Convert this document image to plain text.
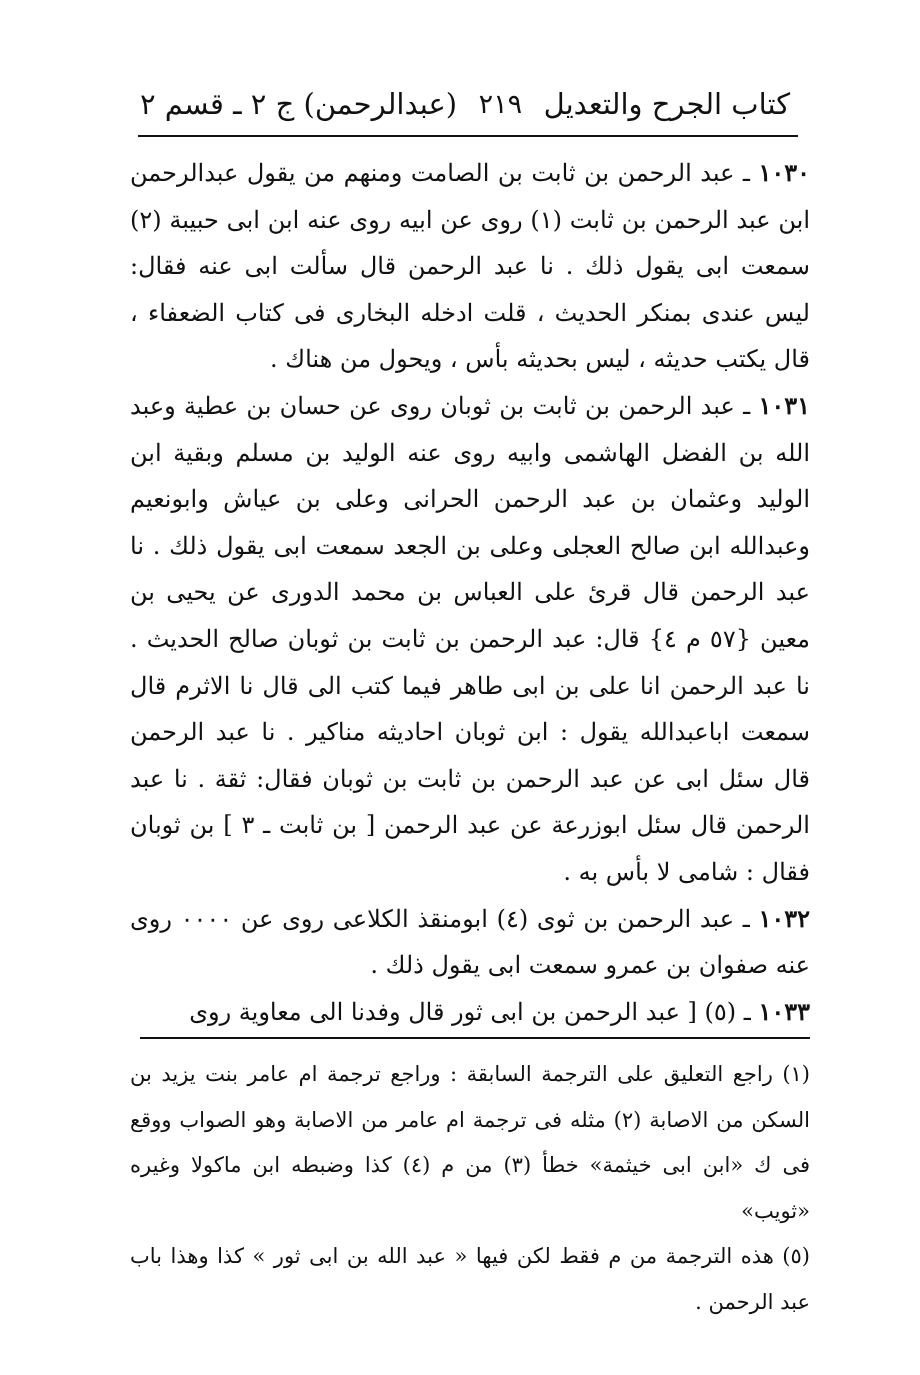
كتاب الجرح والتعديل
٢١٩
(عبدالرحمن) ج ٢ ـ قسم ٢

١٠٣٠ ـ عبد الرحمن بن ثابت بن الصامت ومنهم من يقول عبدالرحمن ابن عبد الرحمن بن ثابت (١) روى عن ابيه روى عنه ابن ابى حبيبة (٢) سمعت ابى يقول ذلك . نا عبد الرحمن قال سألت ابى عنه فقال: ليس عندى بمنكر الحديث ، قلت ادخله البخارى فى كتاب الضعفاء ، قال يكتب حديثه ، ليس بحديثه بأس ، ويحول من هناك .

١٠٣١ ـ عبد الرحمن بن ثابت بن ثوبان روى عن حسان بن عطية وعبد الله بن الفضل الهاشمى وابيه روى عنه الوليد بن مسلم وبقية ابن الوليد وعثمان بن عبد الرحمن الحرانى وعلى بن عياش وابونعيم وعبدالله ابن صالح العجلى وعلى بن الجعد سمعت ابى يقول ذلك . نا عبد الرحمن قال قرئ على العباس بن محمد الدورى عن يحيى بن معين {٥٧ م ٤} قال: عبد الرحمن بن ثابت بن ثوبان صالح الحديث . نا عبد الرحمن انا على بن ابى طاهر فيما كتب الى قال نا الاثرم قال سمعت اباعبدالله يقول : ابن ثوبان احاديثه مناكير . نا عبد الرحمن قال سئل ابى عن عبد الرحمن بن ثابت بن ثوبان فقال: ثقة . نا عبد الرحمن قال سئل ابوزرعة عن عبد الرحمن [ بن ثابت ـ ٣ ] بن ثوبان فقال : شامى لا بأس به .

١٠٣٢ ـ عبد الرحمن بن ثوى (٤) ابومنقذ الكلاعى روى عن ٠٠٠٠ روى عنه صفوان بن عمرو سمعت ابى يقول ذلك .

١٠٣٣ ـ (٥) [ عبد الرحمن بن ابى ثور قال وفدنا الى معاوية روى

(١) راجع التعليق على الترجمة السابقة : وراجع ترجمة ام عامر بنت يزيد بن السكن من الاصابة (٢) مثله فى ترجمة ام عامر من الاصابة وهو الصواب ووقع فى ك «ابن ابى خيثمة» خطأ (٣) من م (٤) كذا وضبطه ابن ماكولا وغيره «ثويب»

(٥) هذه الترجمة من م فقط لكن فيها « عبد الله بن ابى ثور » كذا وهذا باب عبد الرحمن .
